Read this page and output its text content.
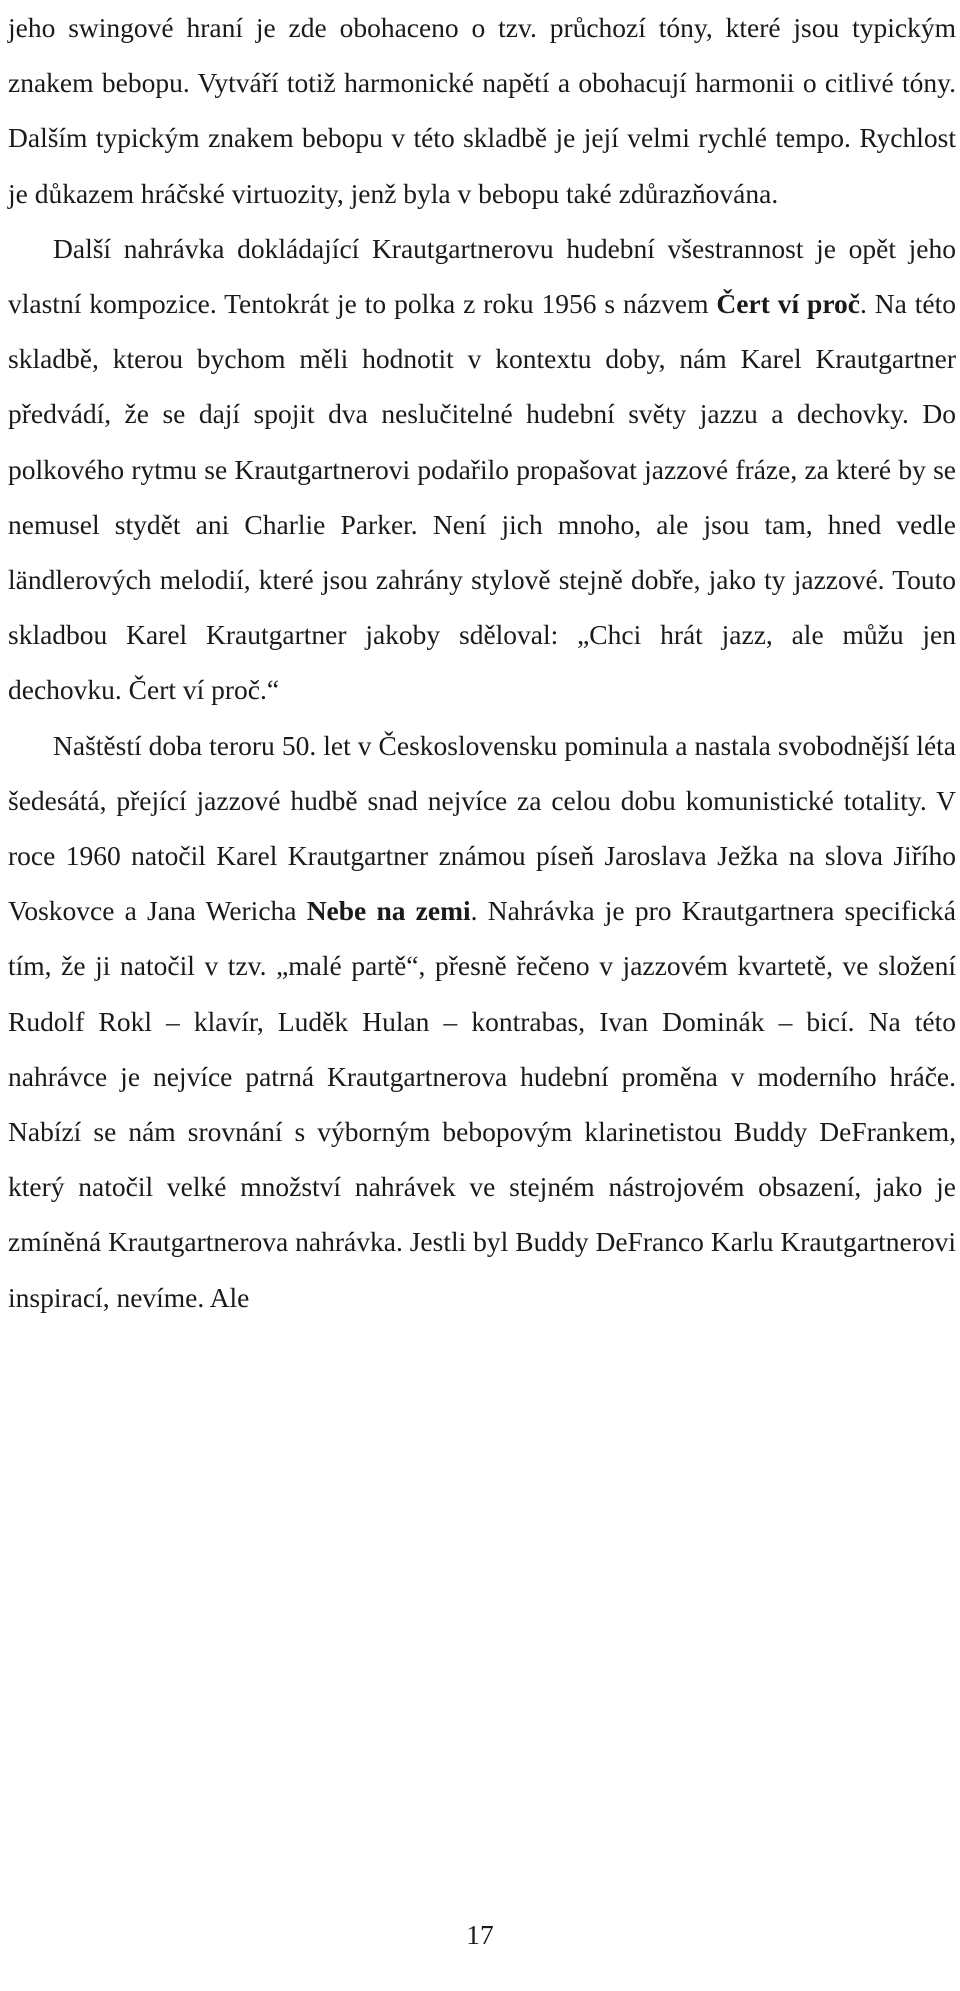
jeho swingové hraní je zde obohaceno o tzv. průchozí tóny, které jsou typickým znakem bebopu. Vytváří totiž harmonické napětí a obohacují harmonii o citlivé tóny. Dalším typickým znakem bebopu v této skladbě je její velmi rychlé tempo. Rychlost je důkazem hráčské virtuozity, jenž byla v bebopu také zdůrazňována.

Další nahrávka dokládající Krautgartnerovu hudební všestrannost je opět jeho vlastní kompozice. Tentokrát je to polka z roku 1956 s názvem Čert ví proč. Na této skladbě, kterou bychom měli hodnotit v kontextu doby, nám Karel Krautgartner předvádí, že se dají spojit dva neslučitelné hudební světy jazzu a dechovky. Do polkového rytmu se Krautgartnerovi podařilo propašovat jazzové fráze, za které by se nemusel stydět ani Charlie Parker. Není jich mnoho, ale jsou tam, hned vedle ländlerových melodií, které jsou zahrány stylově stejně dobře, jako ty jazzové. Touto skladbou Karel Krautgartner jakoby sděloval: „Chci hrát jazz, ale můžu jen dechovku. Čert ví proč.“

Naštěstí doba teroru 50. let v Československu pominula a nastala svobodnější léta šedesátá, přející jazzové hudbě snad nejvíce za celou dobu komunistické totality. V roce 1960 natočil Karel Krautgartner známou píseň Jaroslava Ježka na slova Jiřího Voskovce a Jana Wericha Nebe na zemi. Nahrávka je pro Krautgartnera specifická tím, že ji natočil v tzv. „malé partě“, přesně řečeno v jazzovém kvartetě, ve složení Rudolf Rokl – klavír, Luděk Hulan – kontrabas, Ivan Dominák – bicí. Na této nahrávce je nejvíce patrná Krautgartnerova hudební proměna v moderního hráče. Nabízí se nám srovnání s výborným bebopovým klarinetistou Buddy DeFrankem, který natočil velké množství nahrávek ve stejném nástrojovém obsazení, jako je zmíněná Krautgartnerova nahrávka. Jestli byl Buddy DeFranco Karlu Krautgartnerovi inspirací, nevíme. Ale

17
